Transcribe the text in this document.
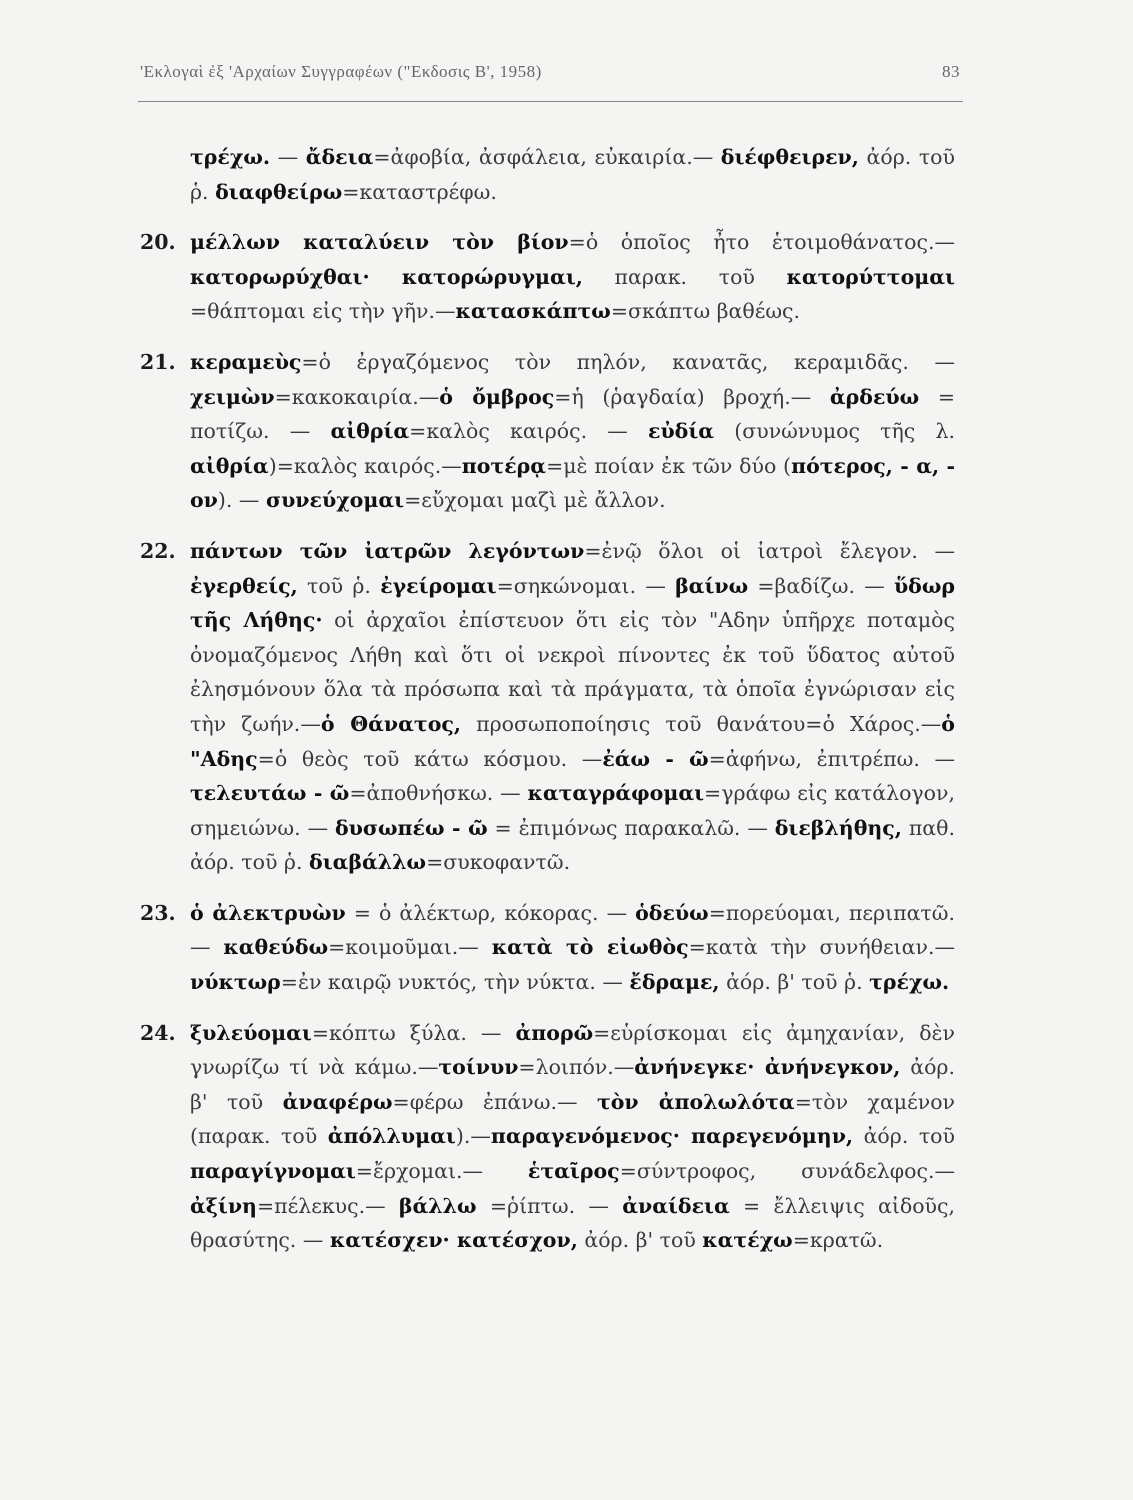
'Εκλογαὶ ἐξ 'Αρχαίων Συγγραφέων ("Εκδοσις Β', 1958)	83

τρέχω. — ἄδεια=ἀφοβία, ἀσφάλεια, εὐκαιρία.— διέφθειρεν, ἀόρ. τοῦ ῥ. διαφθείρω=καταστρέφω.

20. μέλλων καταλύειν τὸν βίον=ὁ ὁποῖος ἦτο ἑτοιμοθάνατος.— κατορωρύχθαι· κατορώρυγμαι, παρακ. τοῦ κατορύττομαι =θάπτομαι εἰς τὴν γῆν.—κατασκάπτω=σκάπτω βαθέως.

21. κεραμεὺς=ὁ ἐργαζόμενος τὸν πηλόν, κανατᾶς, κεραμιδᾶς. — χειμὼν=κακοκαιρία.—ὁ ὄμβρος=ἡ (ῥαγδαία) βροχή.— ἀρδεύω = ποτίζω. — αἰθρία=καλὸς καιρός. — εὐδία (συνώνυμος τῆς λ. αἰθρία)=καλὸς καιρός.—ποτέρᾳ=μὲ ποίαν ἐκ τῶν δύο (πότερος, - α, - ον). — συνεύχομαι=εὔχομαι μαζὶ μὲ ἄλλον.

22. πάντων τῶν ἰατρῶν λεγόντων=ἐνῷ ὅλοι οἱ ἰατροὶ ἔλεγον. — ἐγερθείς, τοῦ ῥ. ἐγείρομαι=σηκώνομαι. — βαίνω =βαδίζω. — ὕδωρ τῆς Λήθης· οἱ ἀρχαῖοι ἐπίστευον ὅτι εἰς τὸν "Αδην ὑπῆρχε ποταμὸς ὀνομαζόμενος Λήθη καὶ ὅτι οἱ νεκροὶ πίνοντες ἐκ τοῦ ὕδατος αὐτοῦ ἐλησμόνουν ὅλα τὰ πρόσωπα καὶ τὰ πράγματα, τὰ ὁποῖα ἐγνώρισαν εἰς τὴν ζωήν.—ὁ Θάνατος, προσωποποίησις τοῦ θανάτου=ὁ Χάρος.—ὁ "Αδης=ὁ θεὸς τοῦ κάτω κόσμου. —ἐάω - ῶ=ἀφήνω, ἐπιτρέπω. — τελευτάω - ῶ=ἀποθνήσκω. — καταγράφομαι=γράφω εἰς κατάλογον, σημειώνω. — δυσωπέω - ῶ = ἐπιμόνως παρακαλῶ. — διεβλήθης, παθ. ἀόρ. τοῦ ῥ. διαβάλλω=συκοφαντῶ.

23. ὁ ἀλεκτρυὼν = ὁ ἀλέκτωρ, κόκορας. — ὁδεύω=πορεύομαι, περιπατῶ.— καθεύδω=κοιμοῦμαι.— κατὰ τὸ εἰωθὸς=κατὰ τὴν συνήθειαν.— νύκτωρ=ἐν καιρῷ νυκτός, τὴν νύκτα. — ἔδραμε, ἀόρ. β' τοῦ ῥ. τρέχω.

24. ξυλεύομαι=κόπτω ξύλα. — ἀπορῶ=εὑρίσκομαι εἰς ἀμηχανίαν, δὲν γνωρίζω τί νὰ κάμω.—τοίνυν=λοιπόν.—ἀνήνεγκε· ἀνήνεγκον, ἀόρ. β' τοῦ ἀναφέρω=φέρω ἐπάνω.— τὸν ἀπολωλότα=τὸν χαμένον (παρακ. τοῦ ἀπόλλυμαι).—παραγενόμενος· παρεγενόμην, ἀόρ. τοῦ παραγίγνομαι=ἔρχομαι.— ἑταῖρος=σύντροφος, συνάδελφος.— ἀξίνη=πέλεκυς.— βάλλω =ῥίπτω. — ἀναίδεια = ἔλλειψις αἰδοῦς, θρασύτης. — κατέσχεν· κατέσχον, ἀόρ. β' τοῦ κατέχω=κρατῶ.
